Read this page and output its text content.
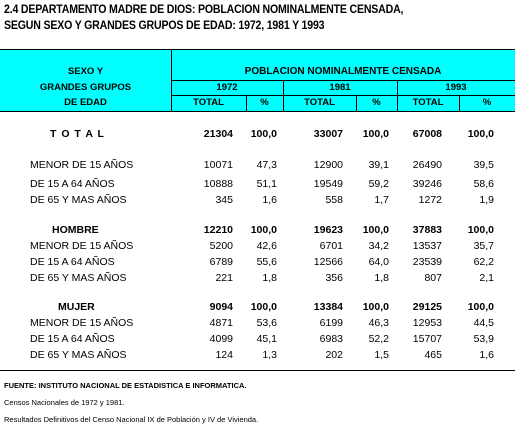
2.4 DEPARTAMENTO MADRE DE DIOS: POBLACION NOMINALMENTE CENSADA,
SEGUN SEXO Y GRANDES GRUPOS DE EDAD: 1972, 1981 Y 1993
SEXO Y
GRANDES GRUPOS
DE EDAD
POBLACION NOMINALMENTE CENSADA
1972	1981	1993
TOTAL	%	TOTAL	%	TOTAL	%
T O T A L	21304	100,0	33007	100,0	67008	100,0
MENOR DE 15 AÑOS	10071	47,3	12900	39,1	26490	39,5
DE 15 A 64 AÑOS	10888	51,1	19549	59,2	39246	58,6
DE 65 Y MAS AÑOS	345	1,6	558	1,7	1272	1,9
HOMBRE	12210	100,0	19623	100,0	37883	100,0
MENOR DE 15 AÑOS	5200	42,6	6701	34,2	13537	35,7
DE 15 A 64 AÑOS	6789	55,6	12566	64,0	23539	62,2
DE 65 Y MAS AÑOS	221	1,8	356	1,8	807	2,1
MUJER	9094	100,0	13384	100,0	29125	100,0
MENOR DE 15 AÑOS	4871	53,6	6199	46,3	12953	44,5
DE 15 A 64 AÑOS	4099	45,1	6983	52,2	15707	53,9
DE 65 Y MAS AÑOS	124	1,3	202	1,5	465	1,6
FUENTE: INSTITUTO NACIONAL DE ESTADISTICA E INFORMATICA.
Censos Nacionales de 1972 y 1981.
Resultados Definitivos del Censo Nacional IX de Población y IV de Vivienda.
